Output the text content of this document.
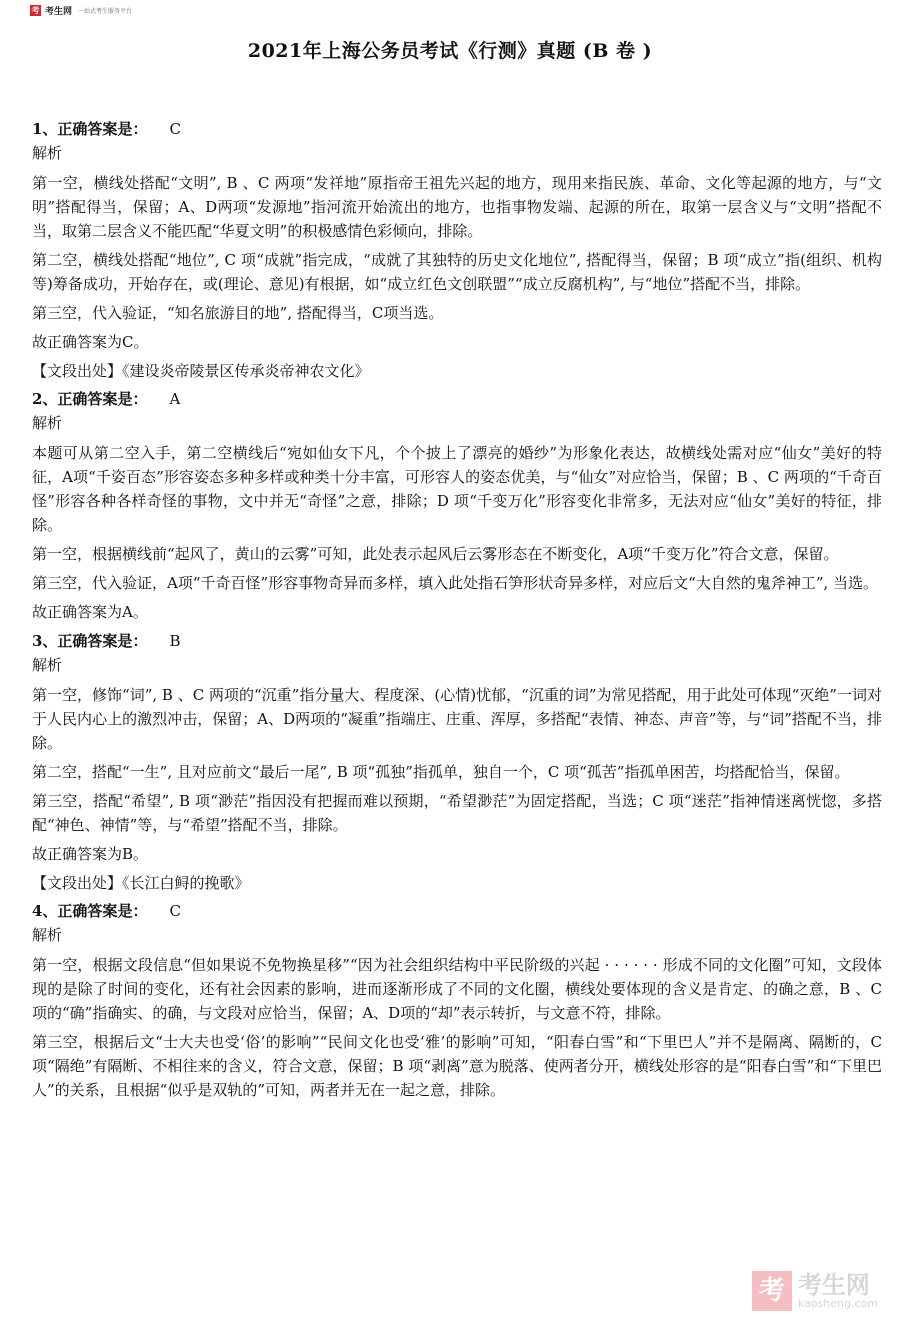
考 考生网 一站式考生服务平台
2021年上海公务员考试《行测》真题 (B 卷 )
1、正确答案是： C
解析

第一空，横线处搭配“文明”, B 、C 两项“发祥地”原指帝王祖先兴起的地方，现用来指民族、革命、文化等起源的地方，与“文明”搭配得当，保留；A、D两项“发源地”指河流开始流出的地方，也指事物发端、起源的所在，取第一层含义与“文明”搭配不当，取第二层含义不能匹配“华夏文明”的积极感情色彩倾向，排除。

第二空，横线处搭配“地位”, C 项“成就”指完成，“成就了其独特的历史文化地位”, 搭配得当，保留；B 项“成立”指(组织、机构等)筹备成功，开始存在，或(理论、意见)有根据，如“成立红色文创联盟”“成立反腐机构”, 与“地位”搭配不当，排除。

第三空，代入验证，“知名旅游目的地”, 搭配得当，C项当选。

故正确答案为C。

【文段出处】《建设炎帝陵景区传承炎帝神农文化》
2、正确答案是： A
解析

本题可从第二空入手，第二空横线后“宛如仙女下凡，个个披上了漂亮的婚纱”为形象化表达，故横线处需对应“仙女”美好的特征，A项“千姿百态”形容姿态多种多样或种类十分丰富，可形容人的姿态优美，与“仙女”对应恰当，保留；B 、C 两项的“千奇百怪”形容各种各样奇怪的事物，文中并无“奇怪”之意，排除；D 项“千变万化”形容变化非常多，无法对应“仙女”美好的特征，排除。

第一空，根据横线前“起风了，黄山的云雾”可知，此处表示起风后云雾形态在不断变化，A项“千变万化”符合文意，保留。

第三空，代入验证，A项“千奇百怪”形容事物奇异而多样，填入此处指石笋形状奇异多样，对应后文“大自然的鬼斧神工”, 当选。

故正确答案为A。

3、正确答案是： B
解析

第一空，修饰“词”, B 、C 两项的“沉重”指分量大、程度深、(心情)忧郁，“沉重的词”为常见搭配，用于此处可体现“灭绝”一词对于人民内心上的激烈冲击，保留；A、D两项的“凝重”指端庄、庄重、浑厚，多搭配“表情、神态、声音”等，与“词”搭配不当，排除。

第二空，搭配“一生”, 且对应前文“最后一尾”, B 项“孤独”指孤单，独自一个，C 项“孤苦”指孤单困苦，均搭配恰当，保留。

第三空，搭配“希望”, B 项“渺茫”指因没有把握而难以预期，“希望渺茫”为固定搭配，当选；C 项“迷茫”指神情迷离恍惚，多搭配“神色、神情”等，与“希望”搭配不当，排除。

故正确答案为B。

【文段出处】《长江白鲟的挽歌》
4、正确答案是： C
解析

第一空，根据文段信息“但如果说不免物换星移”“因为社会组织结构中平民阶级的兴起 · · · · · · 形成不同的文化圈”可知，文段体现的是除了时间的变化，还有社会因素的影响，进而逐渐形成了不同的文化圈，横线处要体现的含义是肯定、的确之意，B 、C 项的“确”指确实、的确，与文段对应恰当，保留；A、D项的“却”表示转折，与文意不符，排除。

第三空，根据后文“士大夫也受‘俗’的影响”“民间文化也受‘雅’的影响”可知，“阳春白雪”和“下里巴人”并不是隔离、隔断的，C 项“隔绝”有隔断、不相往来的含义，符合文意，保留；B 项“剥离”意为脱落、使两者分开，横线处形容的是“阳春白雪”和“下里巴人”的关系，且根据“似乎是双轨的”可知，两者并无在一起之意，排除。

考 考生网
kaosheng.com
